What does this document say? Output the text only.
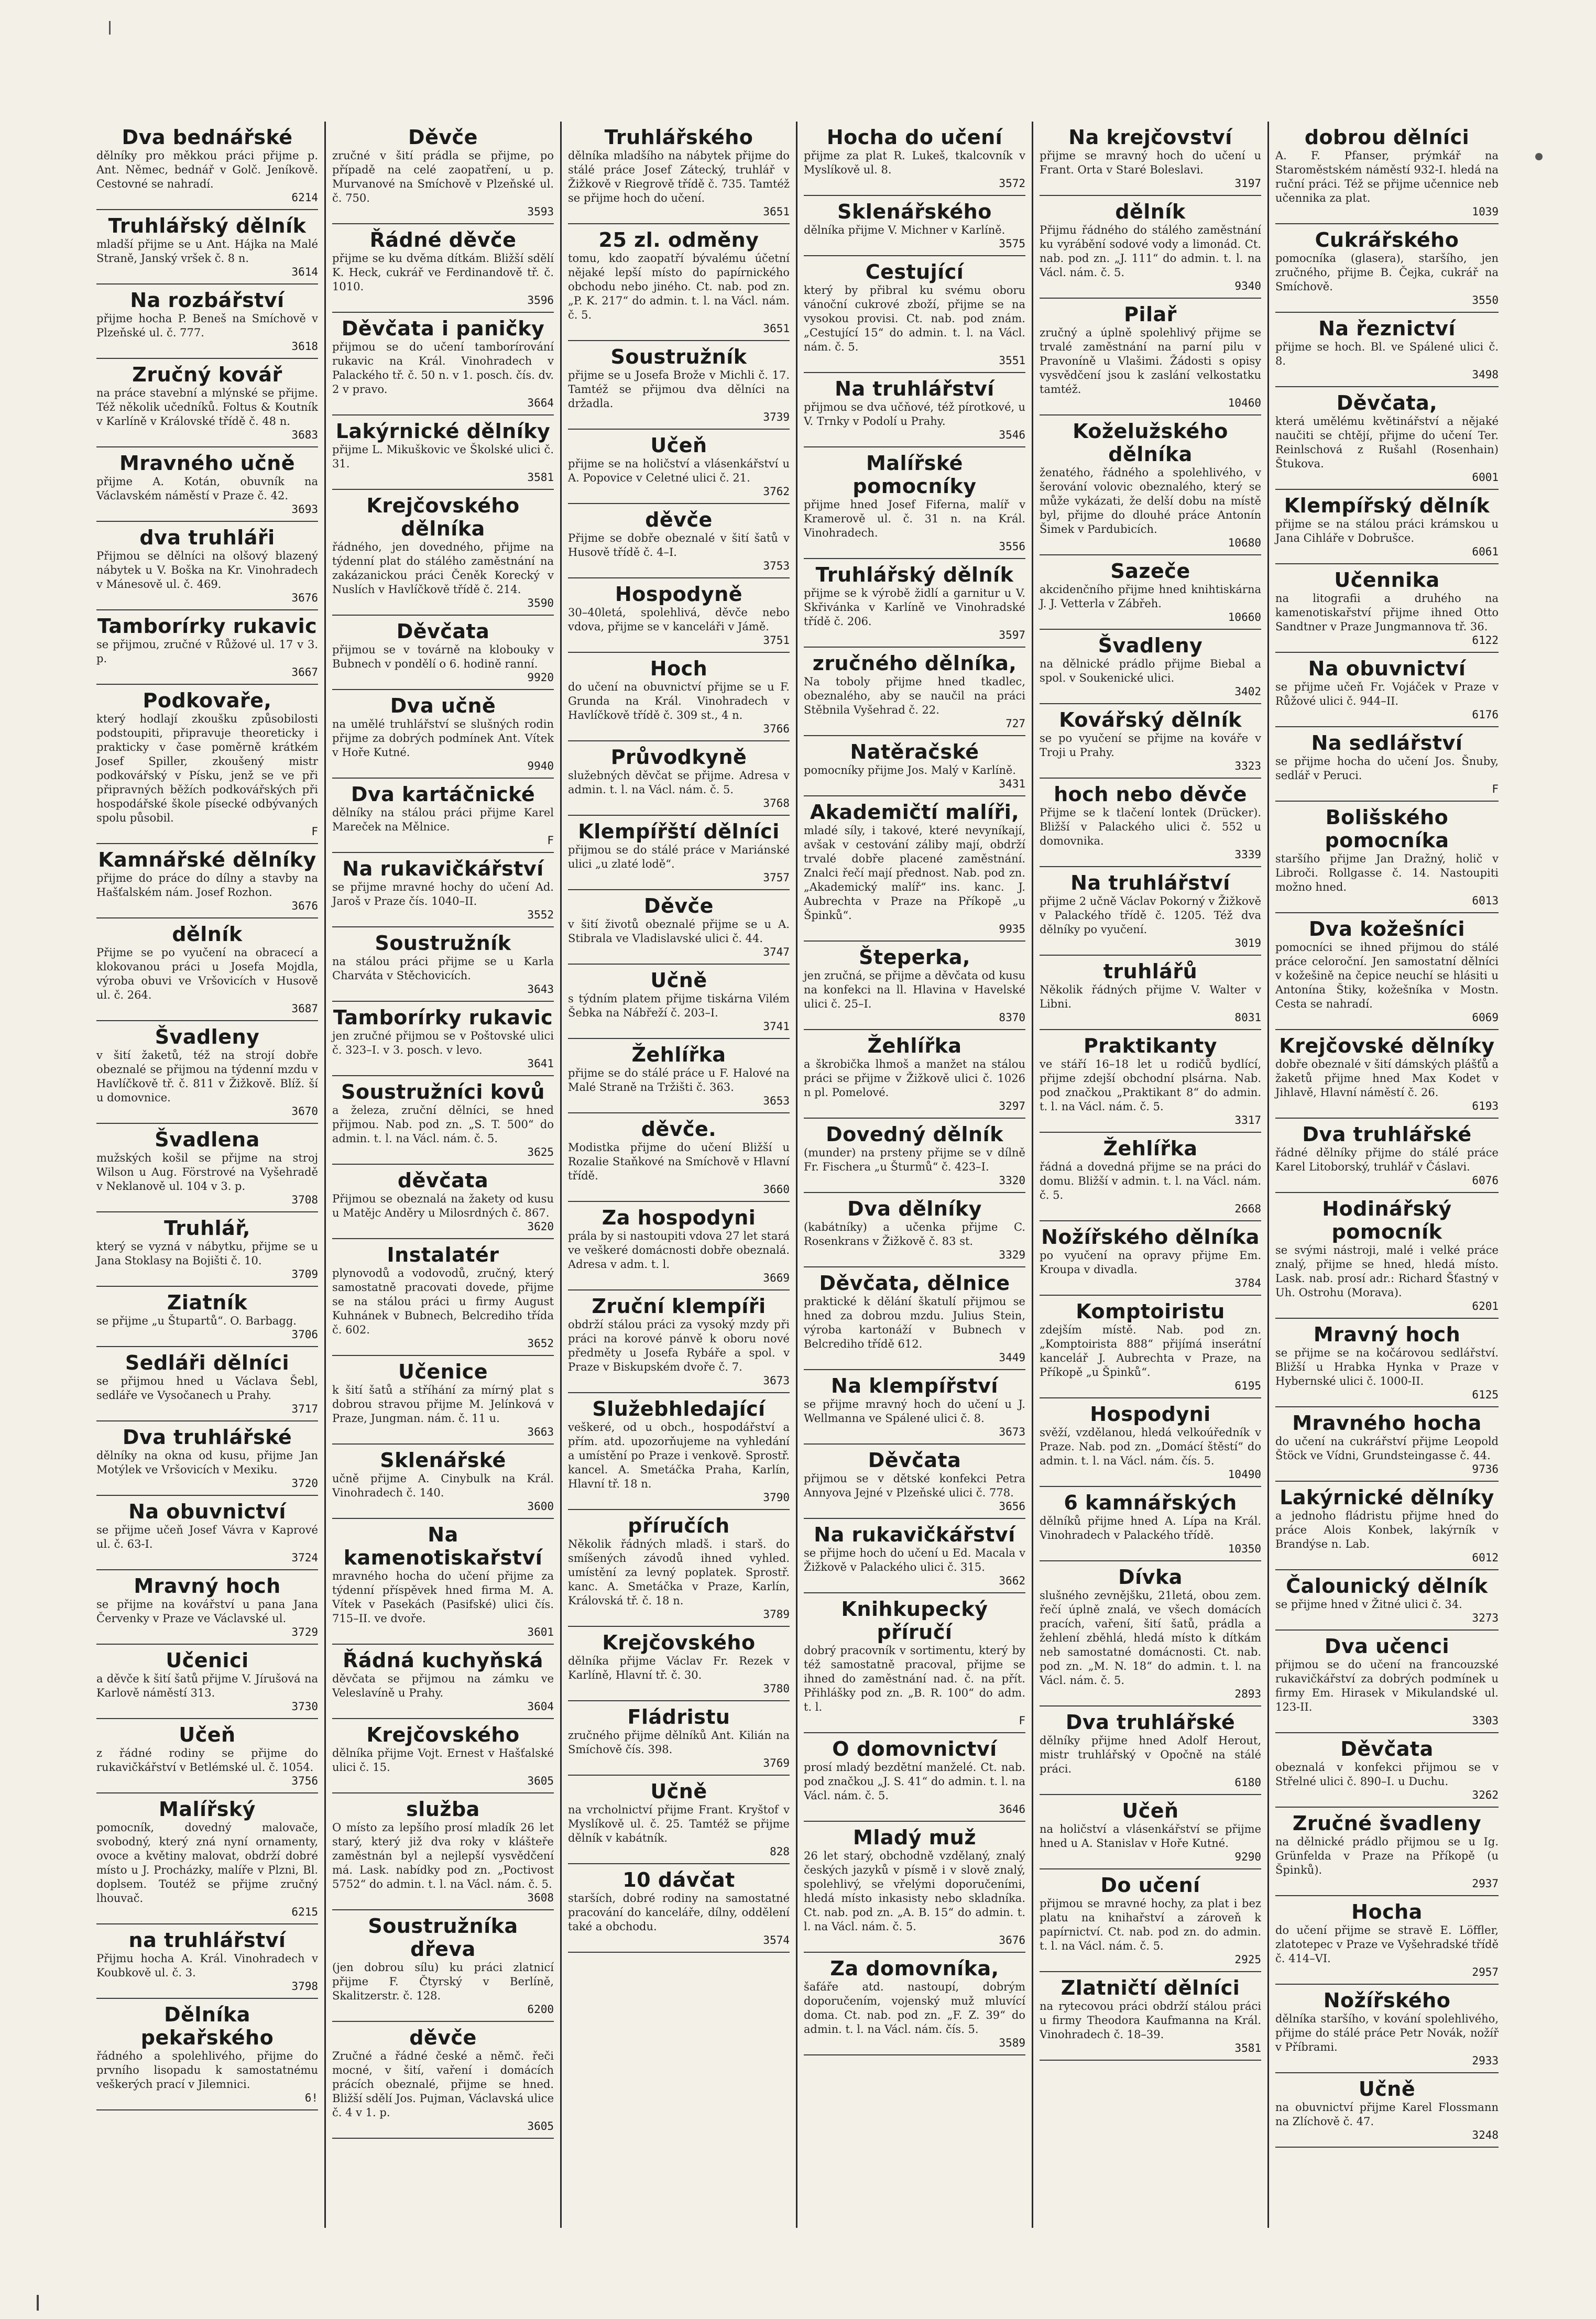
Dva bednářské
dělníky pro měkkou práci přijme p. Ant. Němec, bednář v Golč. Jeníkově. Cestovné se nahradí.
6214
Truhlářský dělník
mladší přijme se u Ant. Hájka na Malé Straně, Janský vršek č. 8 n.
3614
Na rozbářství
přijme hocha P. Beneš na Smíchově v Plzeňské ul. č. 777.
3618
Zručný kovář
na práce stavební a mlýnské se přijme. Též několik učedníků. Foltus & Koutník v Karlíně v Královské třídě č. 48 n.
3683
Mravného učně
přijme A. Kotán, obuvník na Václavském náměstí v Praze č. 42.
3693
dva truhláři
Přijmou se dělníci na olšový blazený nábytek u V. Boška na Kr. Vinohradech v Mánesově ul. č. 469.
3676
Tamborírky rukavic
se přijmou, zručné v Růžové ul. 17 v 3. p.
3667
Podkovaře,
který hodlají zkoušku způsobilosti podstoupiti, připravuje theoreticky i prakticky v čase poměrně krátkém Josef Spiller, zkoušený mistr podkovářský v Písku, jenž se ve při připravných běžích podkovářských při hospodářské škole písecké odbývaných spolu působil.
F
Kamnářské dělníky
přijme do práce do dílny a stavby na Hašťalském nám. Josef Rozhon.
3676
dělník
Přijme se po vyučení na obracecí a klokovanou práci u Josefa Mojdla, výroba obuvi ve Vršovicích v Husově ul. č. 264.
3687
Švadleny
v šití žaketů, též na strojí dobře obeznalé se přijmou na týdenní mzdu v Havlíčkově tř. č. 811 v Žižkově. Blíž. ší u domovnice.
3670
Švadlena
mužských košil se přijme na stroj Wilson u Aug. Förstrové na Vyšehradě v Neklanově ul. 104 v 3. p.
3708
Truhlář,
který se vyzná v nábytku, přijme se u Jana Stoklasy na Bojišti č. 10.
3709
Ziatník
se přijme „u Štupartů“. O. Barbagg.
3706
Sedláři dělníci
se přijmou hned u Václava Šebl, sedláře ve Vysočanech u Prahy.
3717
Dva truhlářské
dělníky na okna od kusu, přijme Jan Motýlek ve Vršovicích v Mexiku.
3720
Na obuvnictví
se přijme učeň Josef Vávra v Kaprové ul. č. 63-I.
3724
Mravný hoch
se přijme na kovářství u pana Jana Červenky v Praze ve Václavské ul.
3729
Učenici
a děvče k šití šatů přijme V. Jírušová na Karlově náměstí 313.
3730
Učeň
z řádné rodiny se přijme do rukavičkářství v Betlémské ul. č. 1054.
3756
Malířský
pomocník, dovedný malovače, svobodný, který zná nyní ornamenty, ovoce a květiny malovat, obdrží dobré místo u J. Procházky, malíře v Plzni, Bl. doplsem. Toutéž se přijme zručný lhouvač.
6215
na truhlářství
Přijmu hocha A. Král. Vinohradech v Koubkově ul. č. 3.
3798
Dělníka pekařského
řádného a spolehlivého, přijme do prvního lisopadu k samostatnému veškerých prací v Jilemnici.
6!
Děvče
zručné v šití prádla se přijme, po případě na celé zaopatření, u p. Murvanové na Smíchově v Plzeňské ul. č. 750.
3593
Řádné děvče
přijme se ku dvěma dítkám. Bližší sdělí K. Heck, cukrář ve Ferdinandově tř. č. 1010.
3596
Děvčata i paničky
přijmou se do učení tamborírování rukavic na Král. Vinohradech v Palackého tř. č. 50 n. v 1. posch. čís. dv. 2 v pravo.
3664
Lakýrnické dělníky
přijme L. Mikuškovic ve Školské ulici č. 31.
3581
Krejčovského dělníka
řádného, jen dovedného, přijme na týdenní plat do stálého zaměstnání na zakázanickou práci Čeněk Korecký v Nuslích v Havlíčkově třídě č. 214.
3590
Děvčata
přijmou se v továrně na klobouky v Bubnech v pondělí o 6. hodině ranní.
9920
Dva učně
na umělé truhlářství se slušných rodin přijme za dobrých podmínek Ant. Vítek v Hoře Kutné.
9940
Dva kartáčnické
dělníky na stálou práci přijme Karel Mareček na Mělnice.
F
Na rukavičkářství
se přijme mravné hochy do učení Ad. Jaroš v Praze čís. 1040–II.
3552
Soustružník
na stálou práci přijme se u Karla Charváta v Stěchovicích.
3643
Tamborírky rukavic
jen zručné přijmou se v Poštovské ulici č. 323–I. v 3. posch. v levo.
3641
Soustružníci kovů
a železa, zruční dělníci, se hned přijmou. Nab. pod zn. „S. T. 500“ do admin. t. l. na Václ. nám. č. 5.
3625
děvčata
Přijmou se obeznalá na žakety od kusu u Matějc Anděry u Milosrdných č. 867.
3620
Instalatér
plynovodů a vodovodů, zručný, který samostatně pracovati dovede, přijme se na stálou práci u firmy August Kuhnánek v Bubnech, Belcrediho třída č. 602.
3652
Učenice
k šití šatů a stříhání za mírný plat s dobrou stravou přijme M. Jelínková v Praze, Jungman. nám. č. 11 u.
3663
Sklenářské
učně přijme A. Cinybulk na Král. Vinohradech č. 140.
3600
Na kamenotiskařství
mravného hocha do učení přijme za týdenní příspěvek hned firma M. A. Vítek v Pasekách (Pasifské) ulici čís. 715–II. ve dvoře.
3601
Řádná kuchyňská
děvčata se přijmou na zámku ve Veleslavíně u Prahy.
3604
Krejčovského
dělníka přijme Vojt. Ernest v Hašťalské ulici č. 15.
3605
služba
O místo za lepšího prosí mladík 26 let starý, který již dva roky v klášteře zaměstnán byl a nejlepší vysvědčení má. Lask. nabídky pod zn. „Poctivost 5752“ do admin. t. l. na Václ. nám. č. 5.
3608
Soustružníka dřeva
(jen dobrou sílu) ku práci zlatnicí přijme F. Čtyrský v Berlíně, Skalitzerstr. č. 128.
6200
děvče
Zručné a řádné české a němč. řeči mocné, v šití, vaření i domácích prácích obeznalé, přijme se hned. Bližší sdělí Jos. Pujman, Václavská ulice č. 4 v 1. p.
3605
Truhlářského
dělníka mladšího na nábytek přijme do stálé práce Josef Zátecký, truhlář v Žižkově v Riegrově třídě č. 735. Tamtéž se přijme hoch do učení.
3651
25 zl. odměny
tomu, kdo zaopatří bývalému účetní nějaké lepší místo do papírnického obchodu nebo jiného. Ct. nab. pod zn. „P. K. 217“ do admin. t. l. na Václ. nám. č. 5.
3651
Soustružník
přijme se u Josefa Brože v Michli č. 17. Tamtéž se přijmou dva dělníci na držadla.
3739
Učeň
přijme se na holičství a vlásenkářství u A. Popovice v Celetné ulici č. 21.
3762
děvče
Přijme se dobře obeznalé v šití šatů v Husově třídě č. 4–I.
3753
Hospodyně
30–40letá, spolehlivá, děvče nebo vdova, přijme se v kanceláři v Jámě.
3751
Hoch
do učení na obuvnictví přijme se u F. Grunda na Král. Vinohradech v Havlíčkově třídě č. 309 st., 4 n.
3766
Průvodkyně
služebných děvčat se přijme. Adresa v admin. t. l. na Václ. nám. č. 5.
3768
Klempířští dělníci
přijmou se do stálé práce v Mariánské ulici „u zlaté lodě“.
3757
Děvče
v šití životů obeznalé přijme se u A. Stibrala ve Vladislavské ulici č. 44.
3747
Učně
s týdním platem přijme tiskárna Vilém Šebka na Nábřeží č. 203–I.
3741
Žehlířka
přijme se do stálé práce u F. Halové na Malé Straně na Tržišti č. 363.
3653
děvče.
Modistka přijme do učení Bližší u Rozalie Staňkové na Smíchově v Hlavní třídě.
3660
Za hospodyni
prála by si nastoupiti vdova 27 let stará ve veškeré domácnosti dobře obeznalá. Adresa v adm. t. l.
3669
Zruční klempíři
obdrží stálou práci za vysoký mzdy při práci na korové pánvě k oboru nové předměty u Josefa Rybáře a spol. v Praze v Biskupském dvoře č. 7.
3673
Služebhledající
veškeré, od u obch., hospodářství a přím. atd. upozorňujeme na vyhledání a umístění po Praze i venkově. Sprostř. kancel. A. Smetáčka Praha, Karlín, Hlavní tř. 18 n.
3790
příručích
Několik řádných mladš. i starš. do smíšených závodů ihned vyhled. umístění za levný poplatek. Sprostř. kanc. A. Smetáčka v Praze, Karlín, Královská tř. č. 18 n.
3789
Krejčovského
dělníka přijme Václav Fr. Rezek v Karlíně, Hlavní tř. č. 30.
3780
Fládristu
zručného přijme dělníků Ant. Kilián na Smíchově čís. 398.
3769
Učně
na vrcholnictví přijme Frant. Kryštof v Myslíkově ul. č. 25. Tamtéž se přijme dělník v kabátník.
828
10 dávčat
starších, dobré rodiny na samostatné pracování do kanceláře, dílny, oddělení také a obchodu.
3574
Hocha do učení
přijme za plat R. Lukeš, tkalcovník v Myslíkově ul. 8.
3572
Sklenářského
dělníka přijme V. Michner v Karlíně.
3575
Cestující
který by přibral ku svému oboru vánoční cukrové zboží, přijme se na vysokou provisi. Ct. nab. pod znám. „Cestující 15“ do admin. t. l. na Václ. nám. č. 5.
3551
Na truhlářství
přijmou se dva učňové, též pírotkové, u V. Trnky v Podolí u Prahy.
3546
Malířské pomocníky
přijme hned Josef Fiferna, malíř v Kramerově ul. č. 31 n. na Král. Vinohradech.
3556
Truhlářský dělník
přijme se k výrobě židlí a garnitur u V. Skřivánka v Karlíně ve Vinohradské třídě č. 206.
3597
zručného dělníka,
Na toboly přijme hned tkadlec, obeznalého, aby se naučil na práci Stěbnila Vyšehrad č. 22.
727
Natěračské
pomocníky přijme Jos. Malý v Karlíně.
3431
Akademičtí malíři,
mladé síly, i takové, které nevyníkají, avšak v cestování záliby mají, obdrží trvalé dobře placené zaměstnání. Znalci řečí mají přednost. Nab. pod zn. „Akademický malíř“ ins. kanc. J. Aubrechta v Praze na Příkopě „u Špinků“.
9935
Šteperka,
jen zručná, se přijme a děvčata od kusu na konfekci na ll. Hlavina v Havelské ulici č. 25–I.
8370
Žehlířka
a škrobička lhmoš a manžet na stálou práci se přijme v Žižkově ulici č. 1026 n pl. Pomelové.
3297
Dovedný dělník
(munder) na prsteny přijme se v dílně Fr. Fischera „u Šturmů“ č. 423–I.
3320
Dva dělníky
(kabátníky) a učenka přijme C. Rosenkrans v Žižkově č. 83 st.
3329
Děvčata, dělnice
praktické k dělání škatulí přijmou se hned za dobrou mzdu. Julius Stein, výroba kartonáží v Bubnech v Belcrediho třídě 612.
3449
Na klempířství
se přijme mravný hoch do učení u J. Wellmanna ve Spálené ulici č. 8.
3673
Děvčata
přijmou se v dětské konfekci Petra Annyova Jejné v Plzeňské ulici č. 778.
3656
Na rukavičkářství
se přijme hoch do učení u Ed. Macala v Žižkově v Palackého ulici č. 315.
3662
Knihkupecký příručí
dobrý pracovník v sortimentu, který by též samostatně pracoval, přijme se ihned do zaměstnání nad. č. na přít. Přihlášky pod zn. „B. R. 100“ do adm. t. l.
F
O domovnictví
prosí mladý bezdětní manželé. Ct. nab. pod značkou „J. S. 41“ do admin. t. l. na Václ. nám. č. 5.
3646
Mladý muž
26 let starý, obchodně vzdělaný, znalý českých jazyků v písmě i v slově znalý, spolehlivý, se vřelými doporučeními, hledá místo inkasisty nebo skladníka. Ct. nab. pod zn. „A. B. 15“ do admin. t. l. na Václ. nám. č. 5.
3676
Za domovníka,
šafáře atd. nastoupí, dobrým doporučením, vojenský muž mluvící doma. Ct. nab. pod zn. „F. Z. 39“ do admin. t. l. na Václ. nám. čís. 5.
3589
Na krejčovství
přijme se mravný hoch do učení u Frant. Orta v Staré Boleslavi.
3197
dělník
Přijmu řádného do stálého zaměstnání ku vyrábění sodové vody a limonád. Ct. nab. pod zn. „J. 111“ do admin. t. l. na Václ. nám. č. 5.
9340
Pilař
zručný a úplně spolehlivý přijme se trvalé zaměstnání na parní pilu v Pravoníně u Vlašimi. Žádosti s opisy vysvědčení jsou k zaslání velkostatku tamtéž.
10460
Koželužského dělníka
ženatého, řádného a spolehlivého, v šerování volovic obeznalého, který se může vykázati, že delší dobu na místě byl, přijme do dlouhé práce Antonín Šimek v Pardubicích.
10680
Sazeče
akcidenčního přijme hned knihtiskárna J. J. Vetterla v Zábřeh.
10660
Švadleny
na dělnické prádlo přijme Biebal a spol. v Soukenické ulici.
3402
Kovářský dělník
se po vyučení se přijme na kováře v Troji u Prahy.
3323
hoch nebo děvče
Přijme se k tlačení lontek (Drücker). Bližší v Palackého ulici č. 552 u domovnika.
3339
Na truhlářství
přijme 2 učně Václav Pokorný v Žižkově v Palackého třídě č. 1205. Též dva dělníky po vyučení.
3019
truhlářů
Několik řádných přijme V. Walter v Libni.
8031
Praktikanty
ve stáří 16–18 let u rodičů bydlící, přijme zdejší obchodní plsárna. Nab. pod značkou „Praktikant 8“ do admin. t. l. na Václ. nám. č. 5.
3317
Žehlířka
řádná a dovedná přijme se na práci do domu. Bližší v admin. t. l. na Václ. nám. č. 5.
2668
Nožířského dělníka
po vyučení na opravy přijme Em. Kroupa v divadla.
3784
Komptoiristu
zdejším místě. Nab. pod zn. „Komptoirista 888“ přijímá inserátní kancelář J. Aubrechta v Praze, na Příkopě „u Špinků“.
6195
Hospodyni
svěží, vzdělanou, hledá velkoúředník v Praze. Nab. pod zn. „Domácí štěstí“ do admin. t. l. na Václ. nám. čís. 5.
10490
6 kamnářských
dělníků přijme hned A. Lípa na Král. Vinohradech v Palackého třídě.
10350
Dívka
slušného zevnějšku, 21letá, obou zem. řečí úplně znalá, ve všech domácích pracích, vaření, šití šatů, prádla a žehlení zběhlá, hledá místo k dítkám neb samostatné domácnosti. Ct. nab. pod zn. „M. N. 18“ do admin. t. l. na Václ. nám. č. 5.
2893
Dva truhlářské
dělníky přijme hned Adolf Herout, mistr truhlářský v Opočně na stálé práci.
6180
Učeň
na holičství a vlásenkářství se přijme hned u A. Stanislav v Hoře Kutné.
9290
Do učení
přijmou se mravné hochy, za plat i bez platu na knihařství a zároveň k papírnictví. Ct. nab. pod zn. do admin. t. l. na Václ. nám. č. 5.
2925
Zlatničtí dělníci
na rytecovou práci obdrží stálou práci u firmy Theodora Kaufmanna na Král. Vinohradech č. 18–39.
3581
dobrou dělníci
A. F. Pfanser, prýmkář na Staroměstském náměstí 932-I. hledá na ruční práci. Též se přijme učennice neb učennika za plat.
1039
Cukrářského
pomocníka (glasera), staršího, jen zručného, přijme B. Čejka, cukrář na Smíchově.
3550
Na řeznictví
přijme se hoch. Bl. ve Spálené ulici č. 8.
3498
Děvčata,
která umělému květinářství a nějaké naučiti se chtějí, přijme do učení Ter. Reinlschová z Rušahl (Rosenhain) Štukova.
6001
Klempířský dělník
přijme se na stálou práci krámskou u Jana Cihláře v Dobrušce.
6061
Učennika
na litografii a druhého na kamenotiskařství přijme ihned Otto Sandtner v Praze Jungmannova tř. 36.
6122
Na obuvnictví
se přijme učeň Fr. Vojáček v Praze v Růžové ulici č. 944–II.
6176
Na sedlářství
se přijme hocha do učení Jos. Šnuby, sedlář v Peruci.
F
Bolišského pomocníka
staršího přijme Jan Dražný, holič v Libroči. Rollgasse č. 14. Nastoupiti možno hned.
6013
Dva kožešníci
pomocníci se ihned přijmou do stálé práce celoroční. Jen samostatní dělníci v kožešině na čepice neuchí se hlásiti u Antonína Štiky, kožešníka v Mostn. Cesta se nahradí.
6069
Krejčovské dělníky
dobře obeznalé v šití dámských plášťů a žaketů přijme hned Max Kodet v Jihlavě, Hlavní náměstí č. 26.
6193
Dva truhlářské
řádné dělníky přijme do stálé práce Karel Litoborský, truhlář v Čáslavi.
6076
Hodinářský pomocník
se svými nástroji, malé i velké práce znalý, přijme se hned, hledá místo. Lask. nab. prosí adr.: Richard Šťastný v Uh. Ostrohu (Morava).
6201
Mravný hoch
se přijme se na kočárovou sedlářství. Bližší u Hrabka Hynka v Praze v Hybernské ulici č. 1000-II.
6125
Mravného hocha
do učení na cukrářství přijme Leopold Štöck ve Vídni, Grundsteingasse č. 44.
9736
Lakýrnické dělníky
a jednoho fládristu přijme hned do práce Alois Konbek, lakýrník v Brandýse n. Lab.
6012
Čalounický dělník
se přijme hned v Žitné ulici č. 34.
3273
Dva učenci
přijmou se do učení na francouzské rukavičkářství za dobrých podmínek u firmy Em. Hirasek v Mikulandské ul. 123-II.
3303
Děvčata
obeznalá v konfekci přijmou se v Střelné ulici č. 890–I. u Duchu.
3262
Zručné švadleny
na dělnické prádlo přijmou se u Ig. Grünfelda v Praze na Příkopě (u Špinků).
2937
Hocha
do učení přijme se stravě E. Löffler, zlatotepec v Praze ve Vyšehradské třídě č. 414–VI.
2957
Nožířského
dělníka staršího, v kování spolehlivého, přijme do stálé práce Petr Novák, nožíř v Příbrami.
2933
Učně
na obuvnictví přijme Karel Flossmann na Zlíchově č. 47.
3248
